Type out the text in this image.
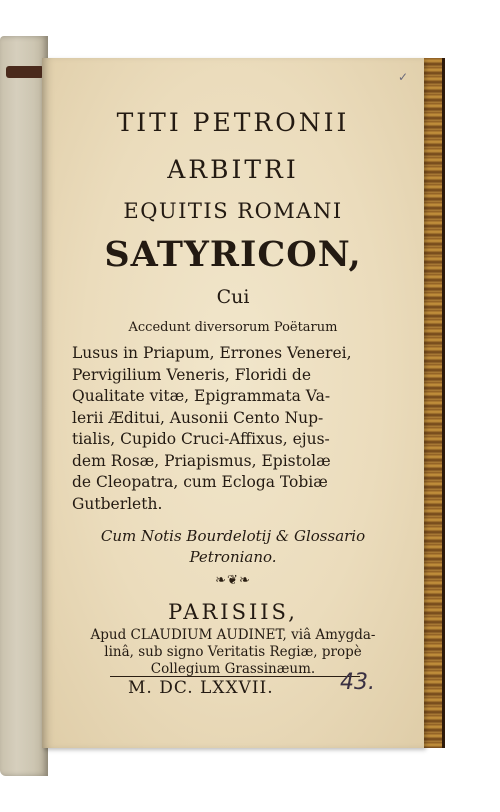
✓
TITI PETRONII
ARBITRI
EQUITIS ROMANI
SATYRICON,
Cui
Accedunt diversorum Poëtarum
Lusus in Priapum, Errones Venerei,
Pervigilium Veneris, Floridi de
Qualitate vitæ, Epigrammata Va-
lerii Æditui, Ausonii Cento Nup-
tialis, Cupido Cruci-Affixus, ejus-
dem Rosæ, Priapismus, Epistolæ
de Cleopatra, cum Ecloga Tobiæ
Gutberleth.
Cum Notis Bourdelotij & Glossario
Petroniano.
❧❦❧
PARISIIS,
Apud CLAUDIUM AUDINET, viâ Amygda-
linâ, sub signo Veritatis Regiæ, propè
Collegium Grassinæum.
M. DC. LXXVII.	43.
